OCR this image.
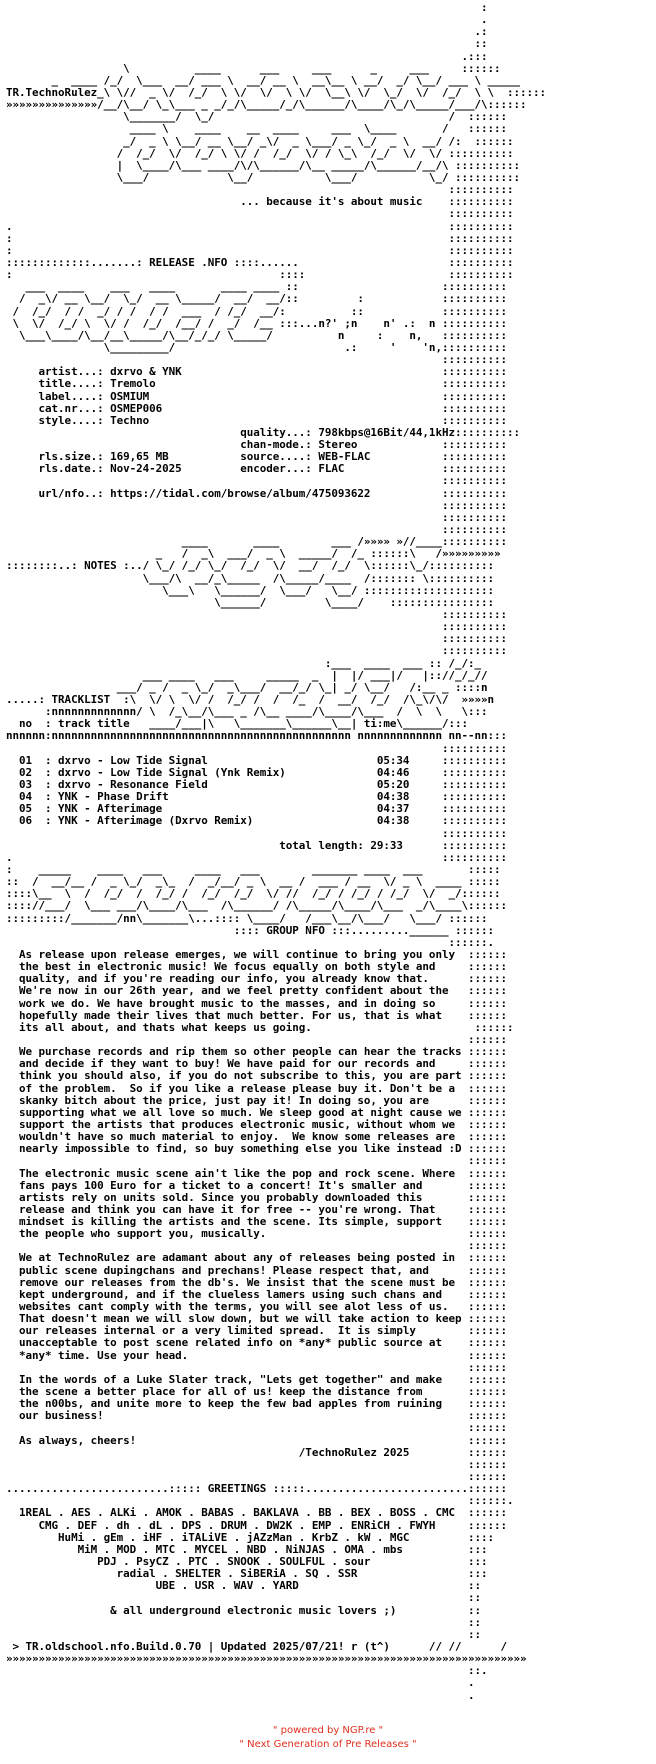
:
.
.:
::
.:::
\          ____      ___     ___      _     ___     ::::::
_  ____ /_/  \___  __/ ___ \  __/ __ \  __\__ \ __/  _/ \__/ ___ \ _____
TR.TechnoRulez_\ \//  _ \/  /_/  \ \/  \/  \ \/  \__\ \/  \_/  \/  /_/  \ \  ::::::
»»»»»»»»»»»»»»/__/\__/ \_\___ _ _/_/\_____/_/\______/\____/\_/\_____/___/\::::::
\_______/  \_/                                    /  ::::::
____ \    ____    __  ____     ___  \____       /   ::::::
_/  _ \ \__/ __ \__/ _\/  _ \___/ _ \_/  _ \  __/ /:  ::::::
/  /_/  \/  /_/ \ \/ /  /_/  \/ / \_\  /_/  \/  \/ ::::::::::
|  \____/\___ ____/\/\______/\__ _____/\______/__/\ ::::::::::
\___/            \__/           \___/           \_/ ::::::::::
::::::::::
... because it's about music    ::::::::::
::::::::::
.                                                                   ::::::::::
:                                                                   ::::::::::
:                                                                   ::::::::::
:::::::::::::.......: RELEASE .NFO ::::......                       ::::::::::
:                                         ::::                      ::::::::::
___  ____    ___   ____       ____ ____ ::                      ::::::::::
/  _\/ __ \__/  \_/  __ \_____/  __/  __/::         :            ::::::::::
/  /_/  / /  _/ / /  / /  ___  / /_/  __/:          ::            ::::::::::
\  \/  /_/ \  \/ /  /_/  /__/ /  _/  /__ :::...n?' ;n    n' .:  n ::::::::::
\___\____/\__/__\_____/\__/_/_/ \_____/          n     :    n,   ::::::::::
\_________/                          .:     '    'n,::::::::::
::::::::::
artist...: dxrvo & YNK                                        ::::::::::
title....: Tremolo                                            ::::::::::
label....: OSMIUM                                             ::::::::::
cat.nr...: OSMEP006                                           ::::::::::
style....: Techno                                             ::::::::::
quality...: 798kbps@16Bit/44,1kHz::::::::::
chan-mode.: Stereo             ::::::::::
rls.size.: 169,65 MB           source....: WEB-FLAC           ::::::::::
rls.date.: Nov-24-2025         encoder...: FLAC               ::::::::::
::::::::::
url/nfo..: https://tidal.com/browse/album/475093622           ::::::::::
::::::::::
::::::::::
::::::::::
____       ____        ___ /»»»» »//____::::::::::
_   /  _\  ___/  _ \  _____/  /_ ::::::\   /»»»»»»»»»
::::::::..: NOTES :../ \_/ /_/ \_/  /_/  \/  __/  /_/  \::::::\_/::::::::::
\___/\  __/_\_____  /\_____/____  /::::::: \::::::::::
\___\   \______/  \___/   \__/ ::::::::::::::::::::
\______/         \____/    ::::::::::::::::
::::::::::
::::::::::
::::::::::
::::::::::
:___  ____  ___ :: /_/:_
___ ____   ___     _____  _  |  |/ ___|/   |:://_/_//
___/ _ /  _ \_/  _\___/  __/_/ \_| _/ \__/   /:__ _ ::::n
.....: TRACKLIST  :\  \/ \  \/ /  /_/ /  /  /_  /  __/  /_/  /\_\/\/  »»»»n
:nnnnnnnnnnnnn/ \  /_\__/\___ _ /\__ ____/\____/\___  /  \  \   \:::
no  : track title   ____/___|\   \_______\______\__| ti:me\______/:::
nnnnnn:nnnnnnnnnnnnnnnnnnnnnnnnnnnnnnnnnnnnnnnnnnnnnn nnnnnnnnnnnnn nn--nn:::
::::::::::
01  : dxrvo - Low Tide Signal                          05:34     ::::::::::
02  : dxrvo - Low Tide Signal (Ynk Remix)              04:46     ::::::::::
03  : dxrvo - Resonance Field                          05:20     ::::::::::
04  : YNK - Phase Drift                                04:38     ::::::::::
05  : YNK - Afterimage                                 04:37     ::::::::::
06  : YNK - Afterimage (Dxrvo Remix)                   04:38     ::::::::::
::::::::::
total length: 29:33      ::::::::::
.                                                                  ::::::::::
:    _____    ____   ___     ____   ___        _______ ____  ___       :::::
::  /  __/__ /  _ \_/  _\_  /  _/__/ _ \  __ /  ___ / __  \/ _ \  ____ :::::
::::\__  \  /  /_/  /  /_/ /  /_/  /_/  \/ //  /_/ / /_/ / /_/  \/  _/::::::
:::://___/  \___ ___/\____/\___  /\______/ /\_____/\____/\___  _/\____\::::::
:::::::::/_______/nn\_______\...:::: \____/   /___\__/\___/   \___/ ::::::
:::: GROUP NFO :::.........______ ::::::
::::::.
As release upon release emerges, we will continue to bring you only  ::::::
the best in electronic music! We focus equally on both style and     ::::::
quality, and if you're reading our info, you already know that.      ::::::
We're now in our 26th year, and we feel pretty confident about the   ::::::
work we do. We have brought music to the masses, and in doing so     ::::::
hopefully made their lives that much better. For us, that is what    ::::::
its all about, and thats what keeps us going.                         ::::::
::::::
We purchase records and rip them so other people can hear the tracks ::::::
and decide if they want to buy! We have paid for our records and     ::::::
think you should also, if you do not subscribe to this, you are part ::::::
of the problem.  So if you like a release please buy it. Don't be a  ::::::
skanky bitch about the price, just pay it! In doing so, you are      ::::::
supporting what we all love so much. We sleep good at night cause we ::::::
support the artists that produces electronic music, without whom we  ::::::
wouldn't have so much material to enjoy.  We know some releases are  ::::::
nearly impossible to find, so buy something else you like instead :D ::::::
::::::
The electronic music scene ain't like the pop and rock scene. Where  ::::::
fans pays 100 Euro for a ticket to a concert! It's smaller and       ::::::
artists rely on units sold. Since you probably downloaded this       ::::::
release and think you can have it for free -- you're wrong. That     ::::::
mindset is killing the artists and the scene. Its simple, support    ::::::
the people who support you, musically.                               ::::::
::::::
We at TechnoRulez are adamant about any of releases being posted in  ::::::
public scene dupingchans and prechans! Please respect that, and      ::::::
remove our releases from the db's. We insist that the scene must be  ::::::
kept underground, and if the clueless lamers using such chans and    ::::::
websites cant comply with the terms, you will see alot less of us.   ::::::
That doesn't mean we will slow down, but we will take action to keep ::::::
our releases internal or a very limited spread.  It is simply        ::::::
unacceptable to post scene related info on *any* public source at    ::::::
*any* time. Use your head.                                           ::::::
::::::
In the words of a Luke Slater track, "Lets get together" and make    ::::::
the scene a better place for all of us! keep the distance from       ::::::
the n00bs, and unite more to keep the few bad apples from ruining    ::::::
our business!                                                        ::::::
::::::
As always, cheers!                                                   ::::::
/TechnoRulez 2025         ::::::
::::::
::::::
.........................::::: GREETINGS :::::.........................::::::
::::::.
1REAL . AES . ALKi . AMOK . BABAS . BAKLAVA . BB . BEX . BOSS . CMC  ::::::
CMG . DEF . dh . dL . DPS . DRUM . DW2K . EMP . ENRiCH . FWYH     ::::::
HuMi . gEm . iHF . iTALiVE . jAZzMan . KrbZ . kW . MGC         ::::
MiM . MOD . MTC . MYCEL . NBD . NiNJAS . OMA . mbs          :::
PDJ . PsyCZ . PTC . SNOOK . SOULFUL . sour               :::
radial . SHELTER . SiBERiA . SQ . SSR                 :::
UBE . USR . WAV . YARD                          ::
::
& all underground electronic music lovers ;)           ::
::
::
> TR.oldschool.nfo.Build.0.70 | Updated 2025/07/21! r (t^)      // //      /
»»»»»»»»»»»»»»»»»»»»»»»»»»»»»»»»»»»»»»»»»»»»»»»»»»»»»»»»»»»»»»»»»»»»»»»»»»»»»»»»
::.
.
.
" powered by NGP.re "
" Next Generation of Pre Releases "
